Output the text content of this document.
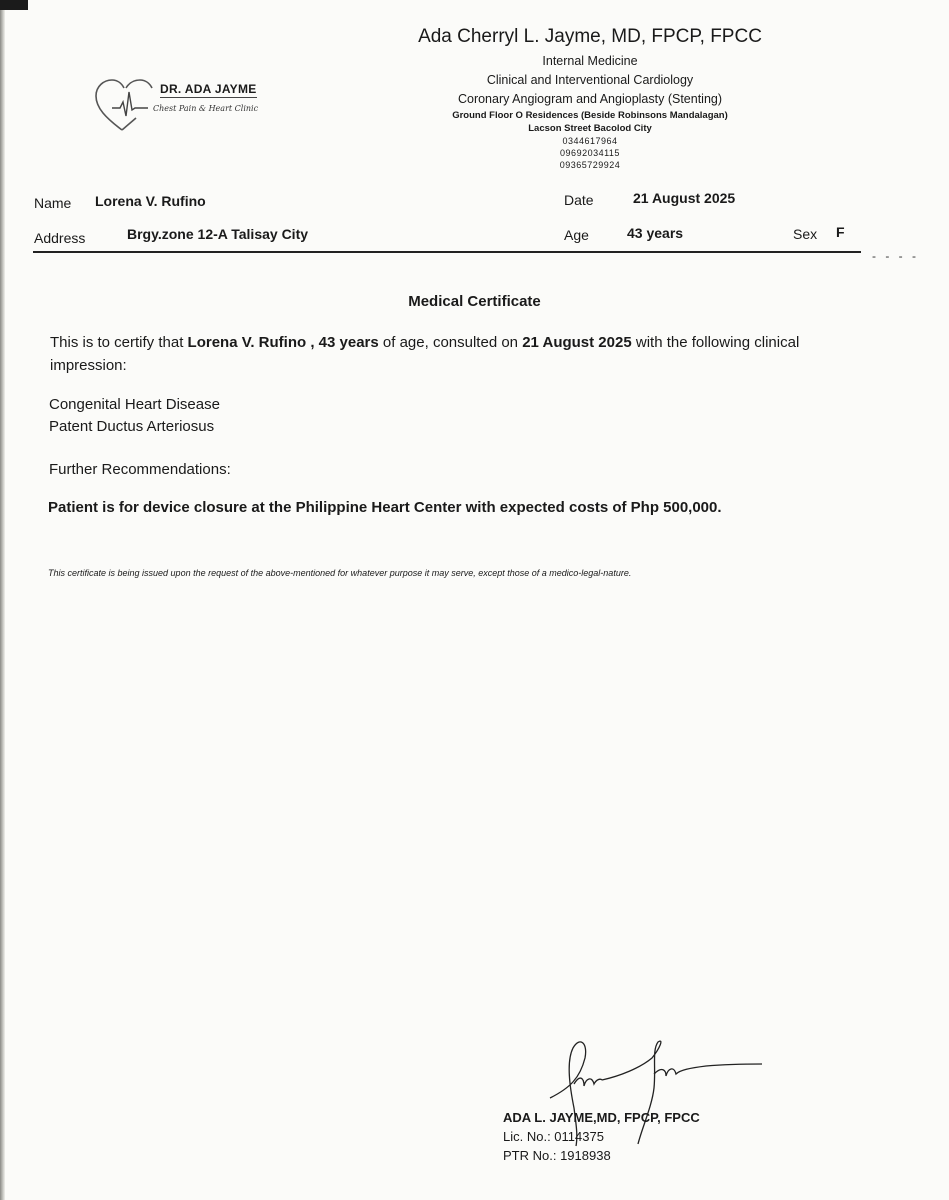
DR. ADA JAYME
Chest Pain & Heart Clinic
Ada Cherryl L. Jayme, MD, FPCP, FPCC
Internal Medicine
Clinical and Interventional Cardiology
Coronary Angiogram and Angioplasty (Stenting)
Ground Floor O Residences (Beside Robinsons Mandalagan)
Lacson Street Bacolod City
0344617964
09692034115
09365729924
Name Lorena V. Rufino	Date	21 August 2025
Address	Brgy.zone 12-A Talisay City	Age	43 years	Sex F
- - - -
Medical Certificate
This is to certify that Lorena V. Rufino , 43 years of age, consulted on 21 August 2025 with the following clinical impression:
Congenital Heart Disease
Patent Ductus Arteriosus
Further Recommendations:
Patient is for device closure at the Philippine Heart Center with expected costs of Php 500,000.
This certificate is being issued upon the request of the above-mentioned for whatever purpose it may serve, except those of a medico-legal-nature.
ADA L. JAYME,MD, FPCP, FPCC
Lic. No.: 0114375
PTR No.: 1918938
